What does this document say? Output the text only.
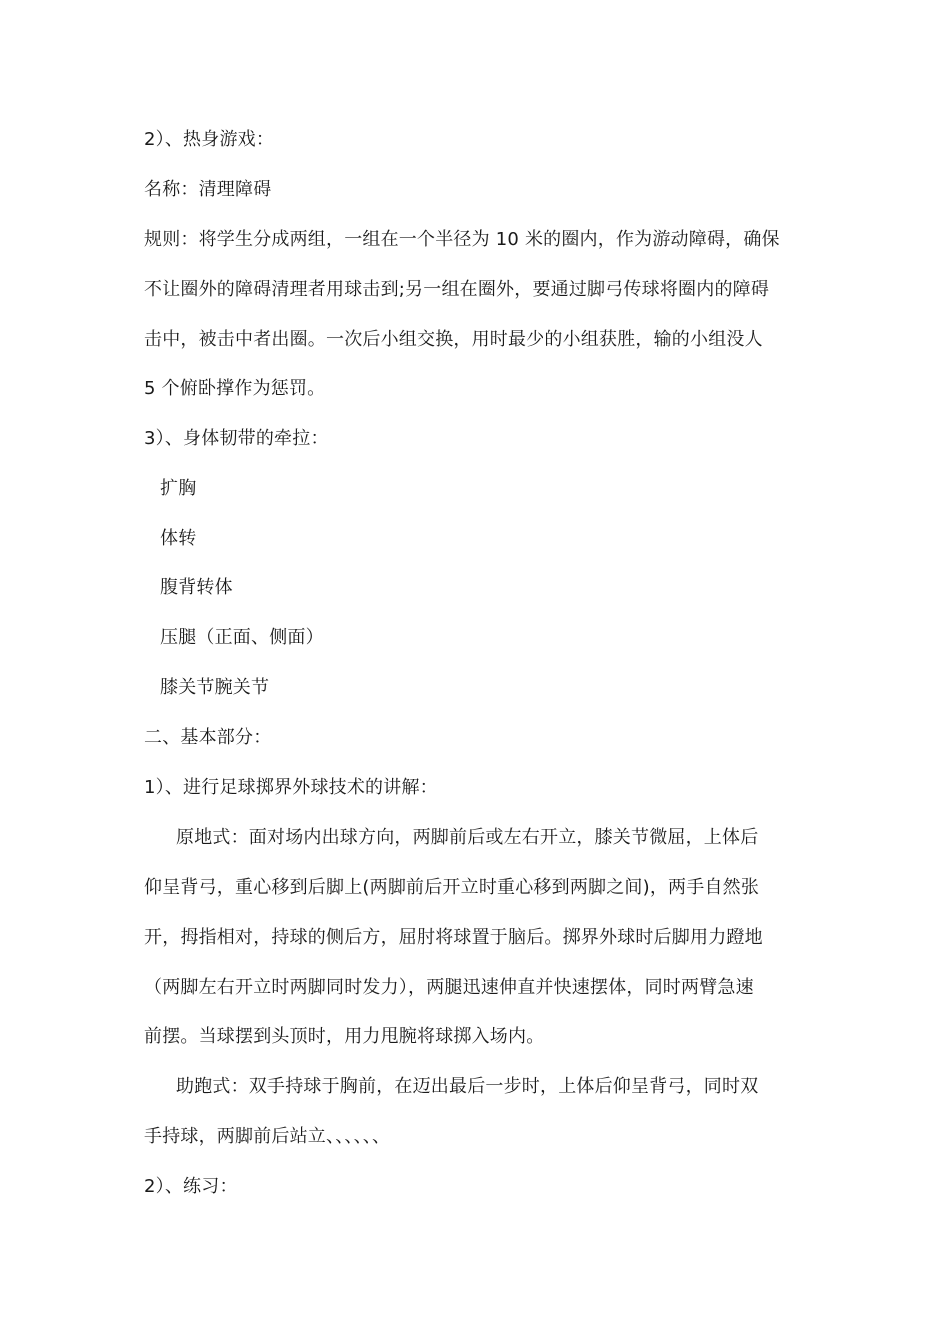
2）、热身游戏：
名称：清理障碍
规则：将学生分成两组，一组在一个半径为 10 米的圈内，作为游动障碍，确保
不让圈外的障碍清理者用球击到;另一组在圈外，要通过脚弓传球将圈内的障碍
击中，被击中者出圈。一次后小组交换，用时最少的小组获胜，输的小组没人
5 个俯卧撑作为惩罚。
3）、身体韧带的牵拉：
扩胸
体转
腹背转体
压腿（正面、侧面）
膝关节腕关节
二、基本部分：
1）、进行足球掷界外球技术的讲解：
原地式：面对场内出球方向，两脚前后或左右开立，膝关节微屈，上体后
仰呈背弓，重心移到后脚上(两脚前后开立时重心移到两脚之间)，两手自然张
开，拇指相对，持球的侧后方，屈肘将球置于脑后。掷界外球时后脚用力蹬地
（两脚左右开立时两脚同时发力），两腿迅速伸直并快速摆体，同时两臂急速
前摆。当球摆到头顶时，用力甩腕将球掷入场内。
助跑式：双手持球于胸前，在迈出最后一步时，上体后仰呈背弓，同时双
手持球，两脚前后站立、、、、、、
2）、练习：
